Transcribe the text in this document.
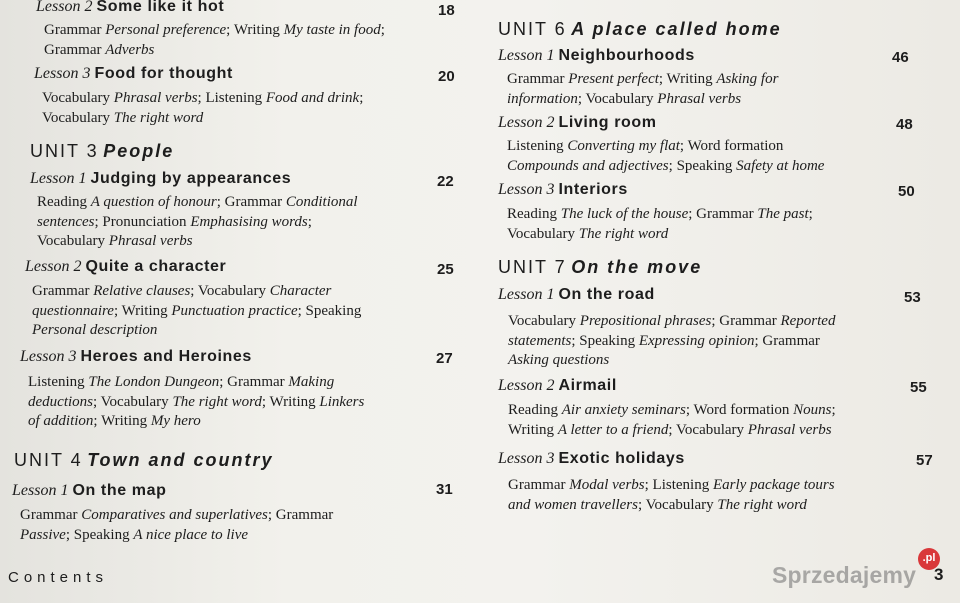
Lesson 2 Some like it hot	18
Grammar Personal preference; Writing My taste in food;
Grammar Adverbs
Lesson 3 Food for thought	20
Vocabulary Phrasal verbs; Listening Food and drink;
Vocabulary The right word
UNIT 3 People
Lesson 1 Judging by appearances	22
Reading A question of honour; Grammar Conditional
sentences; Pronunciation Emphasising words;
Vocabulary Phrasal verbs
Lesson 2 Quite a character	25
Grammar Relative clauses; Vocabulary Character
questionnaire; Writing Punctuation practice; Speaking
Personal description
Lesson 3 Heroes and Heroines	27
Listening The London Dungeon; Grammar Making
deductions; Vocabulary The right word; Writing Linkers
of addition; Writing My hero
UNIT 4 Town and country
Lesson 1 On the map	31
Grammar Comparatives and superlatives; Grammar
Passive; Speaking A nice place to live
UNIT 6 A place called home
Lesson 1 Neighbourhoods	46
Grammar Present perfect; Writing Asking for
information; Vocabulary Phrasal verbs
Lesson 2 Living room	48
Listening Converting my flat; Word formation
Compounds and adjectives; Speaking Safety at home
Lesson 3 Interiors	50
Reading The luck of the house; Grammar The past;
Vocabulary The right word
UNIT 7 On the move
Lesson 1 On the road	53
Vocabulary Prepositional phrases; Grammar Reported
statements; Speaking Expressing opinion; Grammar
Asking questions
Lesson 2 Airmail	55
Reading Air anxiety seminars; Word formation Nouns;
Writing A letter to a friend; Vocabulary Phrasal verbs
Lesson 3 Exotic holidays	57
Grammar Modal verbs; Listening Early package tours
and women travellers; Vocabulary The right word
Contents	Sprzedajemy
.pl
3
